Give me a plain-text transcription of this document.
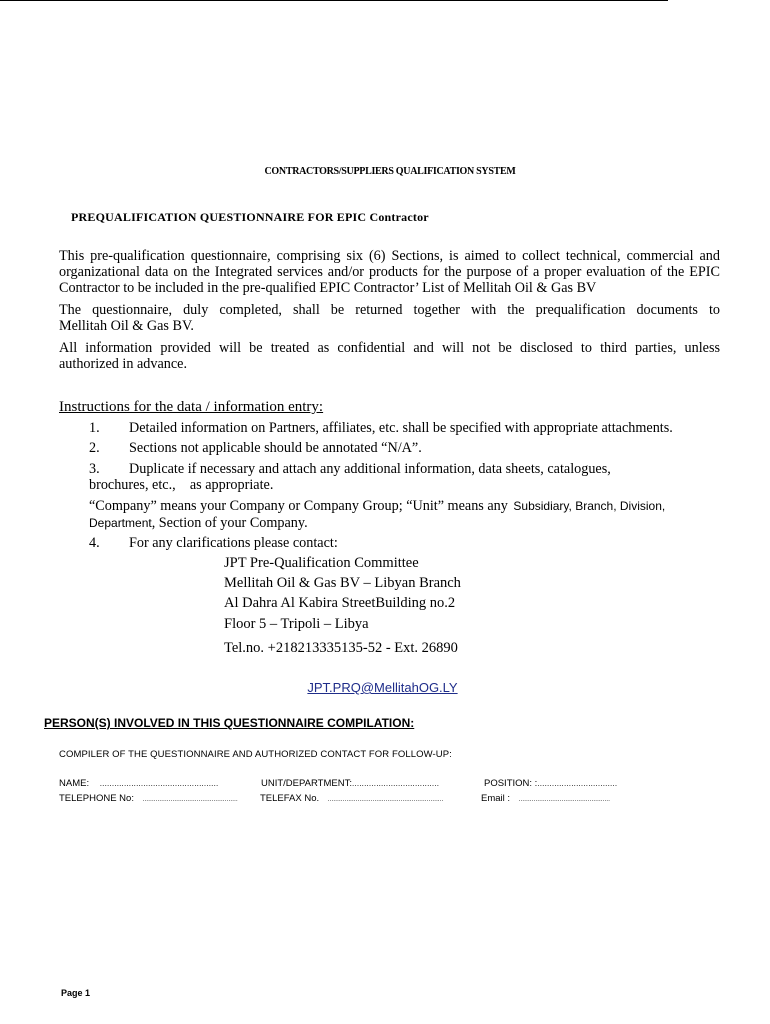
CONTRACTORS/SUPPLIERS QUALIFICATION SYSTEM
PREQUALIFICATION QUESTIONNAIRE FOR EPIC Contractor
This pre-qualification questionnaire, comprising six (6) Sections, is aimed to collect technical, commercial and organizational data on the Integrated services and/or products for the purpose of a proper evaluation of the EPIC Contractor to be included in the pre-qualified EPIC Contractor’ List of Mellitah Oil & Gas BV
The questionnaire, duly completed, shall be returned together with the prequalification documents to
Mellitah Oil & Gas BV.
All information provided will be treated as confidential and will not be disclosed to third parties, unless
authorized in advance.
Instructions for the data / information entry:
1. Detailed information on Partners, affiliates, etc. shall be specified with appropriate attachments.
2. Sections not applicable should be annotated “N/A”.
3. Duplicate if necessary and attach any additional information, data sheets, catalogues,
brochures, etc.,    as appropriate.
“Company” means your Company or Company Group; “Unit” means any Subsidiary, Branch, Division,
Department, Section of your Company.
4. For any clarifications please contact:
JPT Pre-Qualification Committee
Mellitah Oil & Gas BV – Libyan Branch
Al Dahra Al Kabira StreetBuilding no.2
Floor 5 – Tripoli – Libya
Tel.no. +218213335135-52 - Ext. 26890
JPT.PRQ@MellitahOG.LY
PERSON(S) INVOLVED IN THIS QUESTIONNAIRE COMPILATION:
COMPILER OF THE QUESTIONNAIRE AND AUTHORIZED CONTACT FOR FOLLOW-UP:
NAME: .................................................	UNIT/DEPARTMENT:....................................	POSITION: :.................................
TELEPHONE No: ................................................... TELEFAX No. ..............................................................	Email : .................................................
Page 1
